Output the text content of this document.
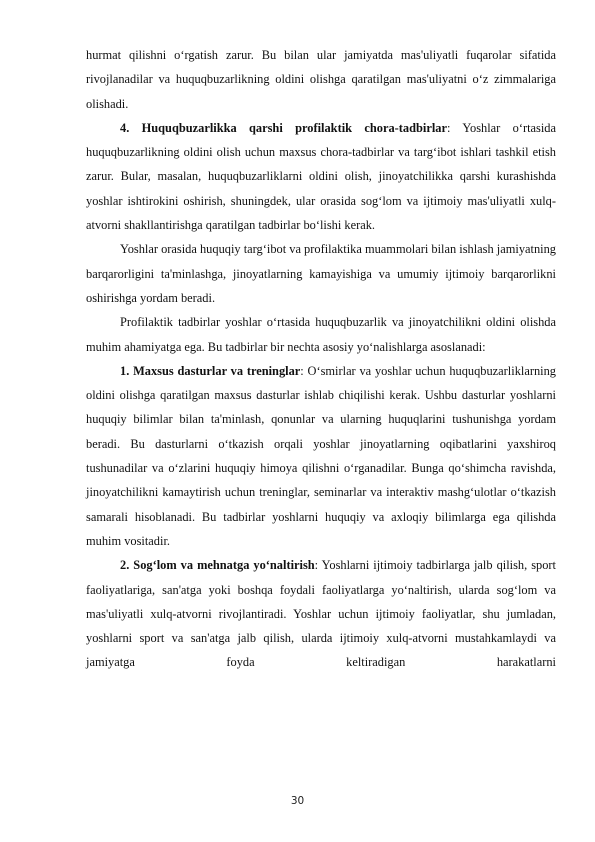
hurmat qilishni o‘rgatish zarur. Bu bilan ular jamiyatda mas'uliyatli fuqarolar sifatida rivojlanadilar va huquqbuzarlikning oldini olishga qaratilgan mas'uliyatni o‘z zimmalariga olishadi.

4. Huquqbuzarlikka qarshi profilaktik chora-tadbirlar: Yoshlar o‘rtasida huquqbuzarlikning oldini olish uchun maxsus chora-tadbirlar va targ‘ibot ishlari tashkil etish zarur. Bular, masalan, huquqbuzarliklarni oldini olish, jinoyatchilikka qarshi kurashishda yoshlar ishtirokini oshirish, shuningdek, ular orasida sog‘lom va ijtimoiy mas'uliyatli xulq-atvorni shakllantirishga qaratilgan tadbirlar bo‘lishi kerak.

Yoshlar orasida huquqiy targ‘ibot va profilaktika muammolari bilan ishlash jamiyatning barqarorligini ta'minlashga, jinoyatlarning kamayishiga va umumiy ijtimoiy barqarorlikni oshirishga yordam beradi.

Profilaktik tadbirlar yoshlar o‘rtasida huquqbuzarlik va jinoyatchilikni oldini olishda muhim ahamiyatga ega. Bu tadbirlar bir nechta asosiy yo‘nalishlarga asoslanadi:

1. Maxsus dasturlar va treninglar: O‘smirlar va yoshlar uchun huquqbuzarliklarning oldini olishga qaratilgan maxsus dasturlar ishlab chiqilishi kerak. Ushbu dasturlar yoshlarni huquqiy bilimlar bilan ta'minlash, qonunlar va ularning huquqlarini tushunishga yordam beradi. Bu dasturlarni o‘tkazish orqali yoshlar jinoyatlarning oqibatlarini yaxshiroq tushunadilar va o‘zlarini huquqiy himoya qilishni o‘rganadilar. Bunga qo‘shimcha ravishda, jinoyatchilikni kamaytirish uchun treninglar, seminarlar va interaktiv mashg‘ulotlar o‘tkazish samarali hisoblanadi. Bu tadbirlar yoshlarni huquqiy va axloqiy bilimlarga ega qilishda muhim vositadir.

2. Sog‘lom va mehnatga yo‘naltirish: Yoshlarni ijtimoiy tadbirlarga jalb qilish, sport faoliyatlariga, san'atga yoki boshqa foydali faoliyatlarga yo‘naltirish, ularda sog‘lom va mas'uliyatli xulq-atvorni rivojlantiradi. Yoshlar uchun ijtimoiy faoliyatlar, shu jumladan, yoshlarni sport va san'atga jalb qilish, ularda ijtimoiy xulq-atvorni mustahkamlaydi va jamiyatga foyda keltiradigan harakatlarni

30
